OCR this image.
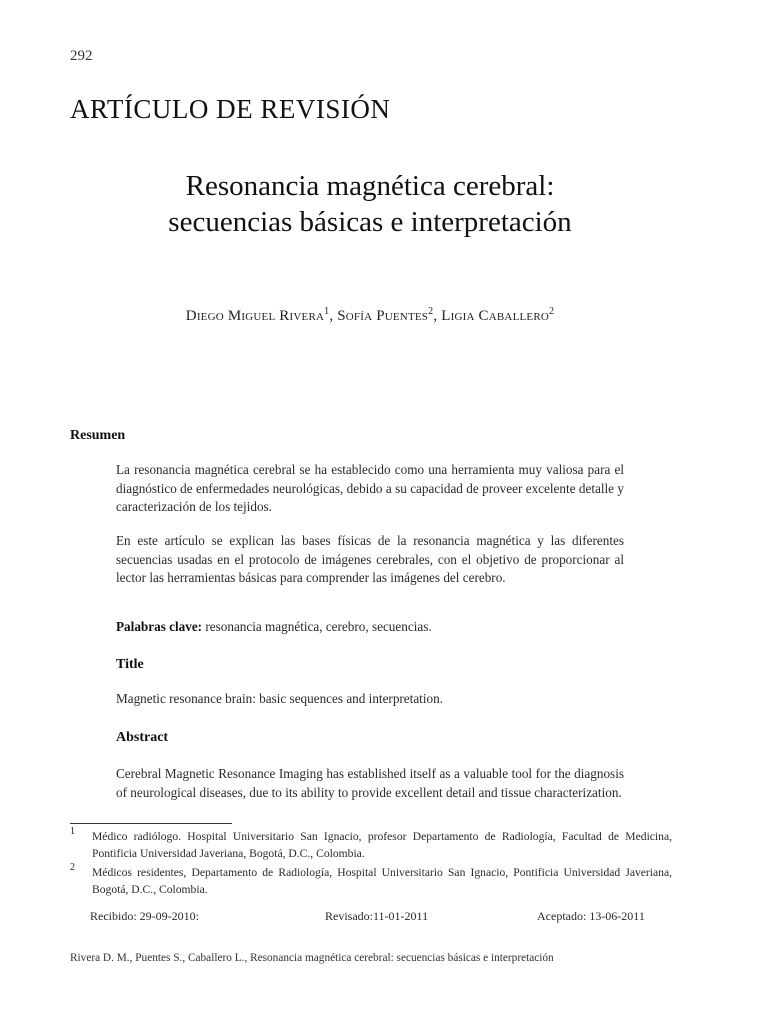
292
ARTÍCULO DE REVISIÓN
Resonancia magnética cerebral:
secuencias básicas e interpretación
Diego Miguel Rivera$^1$, Sofía Puentes$^2$, Ligia Caballero$^2$
Resumen
La resonancia magnética cerebral se ha establecido como una herramienta muy valiosa para el diagnóstico de enfermedades neurológicas, debido a su capacidad de proveer excelente detalle y caracterización de los tejidos.
En este artículo se explican las bases físicas de la resonancia magnética y las diferentes secuencias usadas en el protocolo de imágenes cerebrales, con el objetivo de proporcionar al lector las herramientas básicas para comprender las imágenes del cerebro.
Palabras clave: resonancia magnética, cerebro, secuencias.
Title
Magnetic resonance brain: basic sequences and interpretation.
Abstract
Cerebral Magnetic Resonance Imaging has established itself as a valuable tool for the diagnosis of neurological diseases, due to its ability to provide excellent detail and tissue characterization.
1 Médico radiólogo. Hospital Universitario San Ignacio, profesor Departamento de Radiología, Facultad de Medicina, Pontificia Universidad Javeriana, Bogotá, D.C., Colombia.
2 Médicos residentes, Departamento de Radiología, Hospital Universitario San Ignacio, Pontificia Universidad Javeriana, Bogotá, D.C., Colombia.
Recibido: 29-09-2010:	Revisado:11-01-2011	Aceptado: 13-06-2011
Rivera D. M., Puentes S., Caballero L., Resonancia magnética cerebral: secuencias básicas e interpretación
